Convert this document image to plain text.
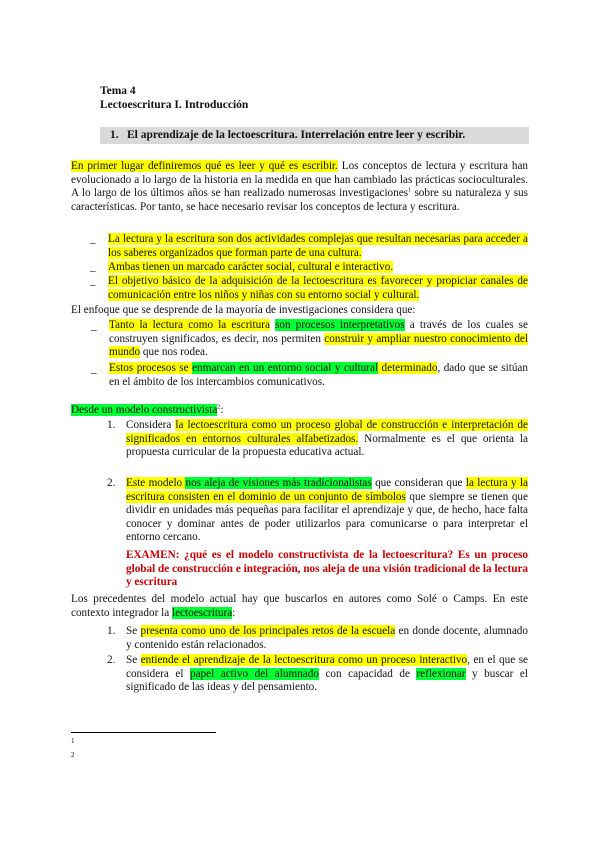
Tema 4
Lectoescritura I. Introducción
1. El aprendizaje de la lectoescritura. Interrelación entre leer y escribir.
En primer lugar definiremos qué es leer y qué es escribir. Los conceptos de lectura y escritura han evolucionado a lo largo de la historia en la medida en que han cambiado las prácticas socioculturales. A lo largo de los últimos años se han realizado numerosas investigaciones$^1$ sobre su naturaleza y sus características. Por tanto, se hace necesario revisar los conceptos de lectura y escritura.
_ La lectura y la escritura son dos actividades complejas que resultan necesarias para acceder a los saberes organizados que forman parte de una cultura.
_ Ambas tienen un marcado carácter social, cultural e interactivo.
_ El objetivo básico de la adquisición de la lectoescritura es favorecer y propiciar canales de comunicación entre los niños y niñas con su entorno social y cultural.
El enfoque que se desprende de la mayoría de investigaciones considera que:
_ Tanto la lectura como la escritura son procesos interpretativos a través de los cuales se construyen significados, es decir, nos permiten construir y ampliar nuestro conocimiento del mundo que nos rodea.
_ Estos procesos se enmarcan en un entorno social y cultural determinado, dado que se sitúan en el ámbito de los intercambios comunicativos.
Desde un modelo constructivista$^2$:
1. Considera la lectoescritura como un proceso global de construcción e interpretación de significados en entornos culturales alfabetizados. Normalmente es el que orienta la propuesta curricular de la propuesta educativa actual.
2. Este modelo nos aleja de visiones más tradicionalistas que consideran que la lectura y la escritura consisten en el dominio de un conjunto de símbolos que siempre se tienen que dividir en unidades más pequeñas para facilitar el aprendizaje y que, de hecho, hace falta conocer y dominar antes de poder utilizarlos para comunicarse o para interpretar el entorno cercano.
EXAMEN: ¿qué es el modelo constructivista de la lectoescritura? Es un proceso global de construcción e integración, nos aleja de una visión tradicional de la lectura y escritura
Los precedentes del modelo actual hay que buscarlos en autores como Solé o Camps. En este contexto integrador la lectoescritura:
1. Se presenta como uno de los principales retos de la escuela en donde docente, alumnado y contenido están relacionados.
2. Se entiende el aprendizaje de la lectoescritura como un proceso interactivo, en el que se considera el papel activo del alumnado con capacidad de reflexionar y buscar el significado de las ideas y del pensamiento.
1
2
